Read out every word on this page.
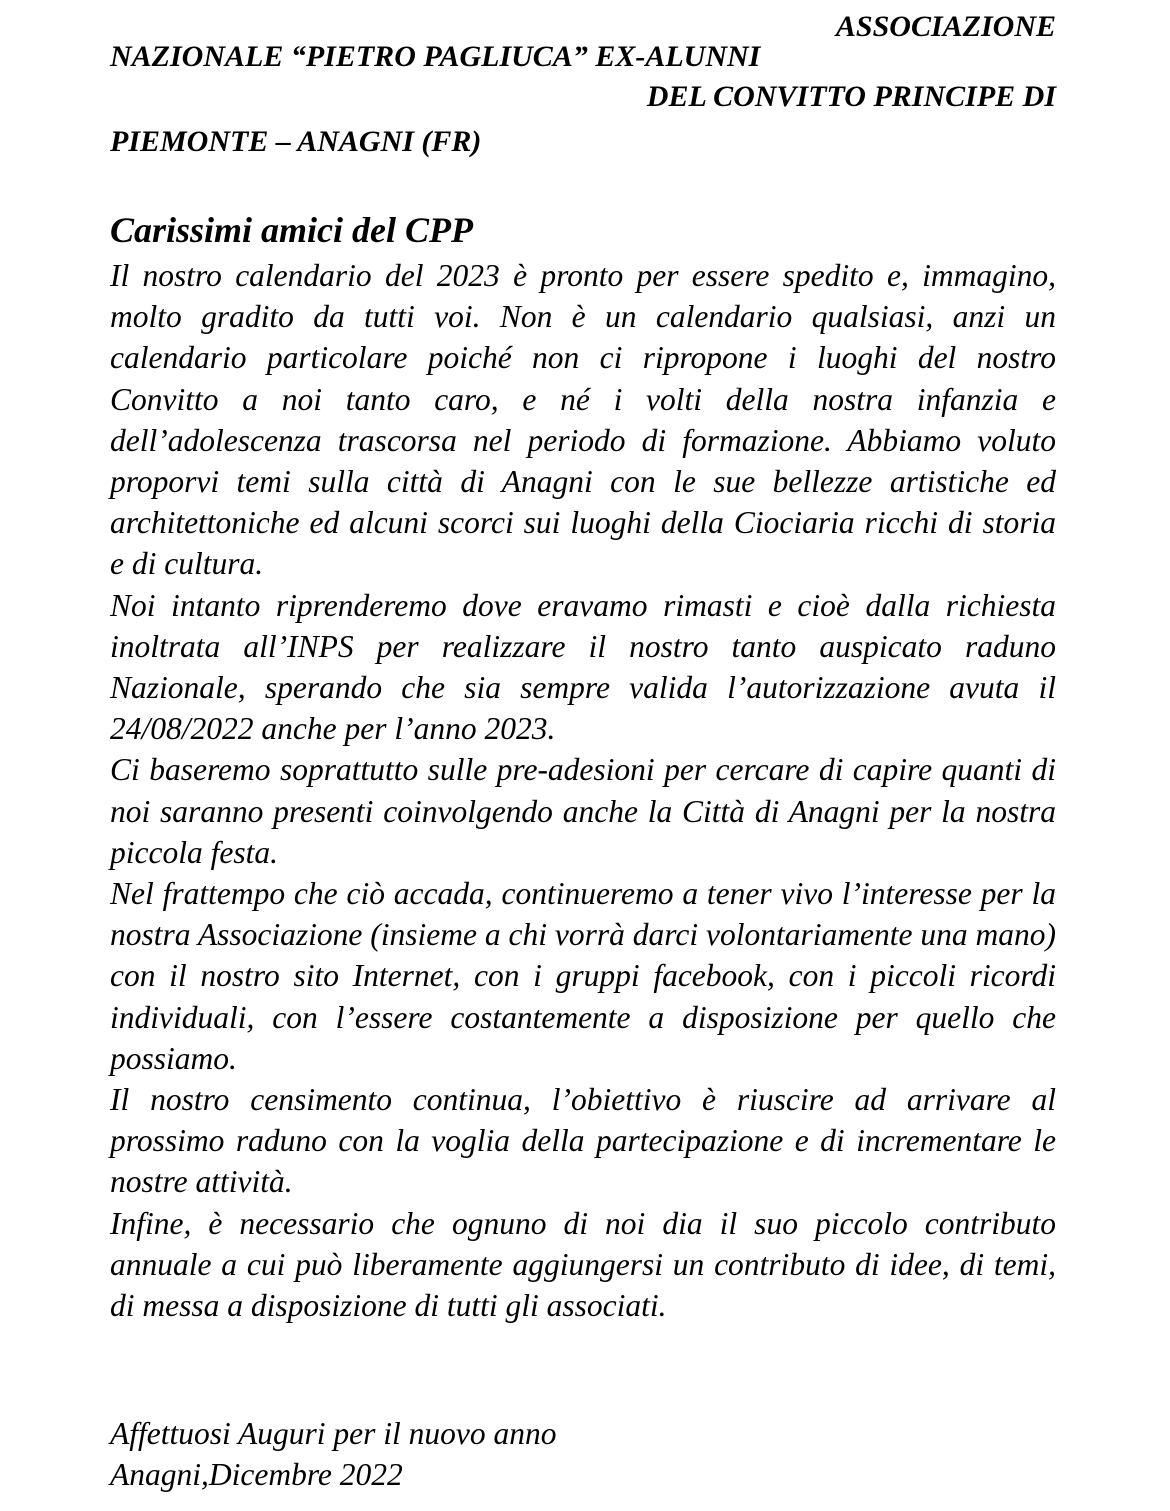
ASSOCIAZIONE
NAZIONALE “PIETRO PAGLIUCA” EX-ALUNNI
DEL CONVITTO PRINCIPE DI
PIEMONTE – ANAGNI (FR)
Carissimi amici del CPP

Il nostro calendario del 2023 è pronto per essere spedito e, immagino, molto gradito da tutti voi. Non è un calendario qualsiasi, anzi un calendario particolare poiché non ci ripropone i luoghi del nostro Convitto a noi tanto caro, e né i volti della nostra infanzia e dell’adolescenza trascorsa nel periodo di formazione. Abbiamo voluto proporvi temi sulla città di Anagni con le sue bellezze artistiche ed architettoniche ed alcuni scorci sui luoghi della Ciociaria ricchi di storia e di cultura.

Noi intanto riprenderemo dove eravamo rimasti e cioè dalla richiesta inoltrata all’INPS per realizzare il nostro tanto auspicato raduno Nazionale, sperando che sia sempre valida l’autorizzazione avuta il 24/08/2022 anche per l’anno 2023.

Ci baseremo soprattutto sulle pre-adesioni per cercare di capire quanti di noi saranno presenti coinvolgendo anche la Città di Anagni per la nostra piccola festa.

Nel frattempo che ciò accada, continueremo a tener vivo l’interesse per la nostra Associazione (insieme a chi vorrà darci volontariamente una mano) con il nostro sito Internet, con i gruppi facebook, con i piccoli ricordi individuali, con l’essere costantemente a disposizione per quello che possiamo.

Il nostro censimento continua, l’obiettivo è riuscire ad arrivare al prossimo raduno con la voglia della partecipazione e di incrementare le nostre attività.

Infine, è necessario che ognuno di noi dia il suo piccolo contributo annuale a cui può liberamente aggiungersi un contributo di idee, di temi, di messa a disposizione di tutti gli associati.

Affettuosi Auguri per il nuovo anno
Anagni,Dicembre 2022
